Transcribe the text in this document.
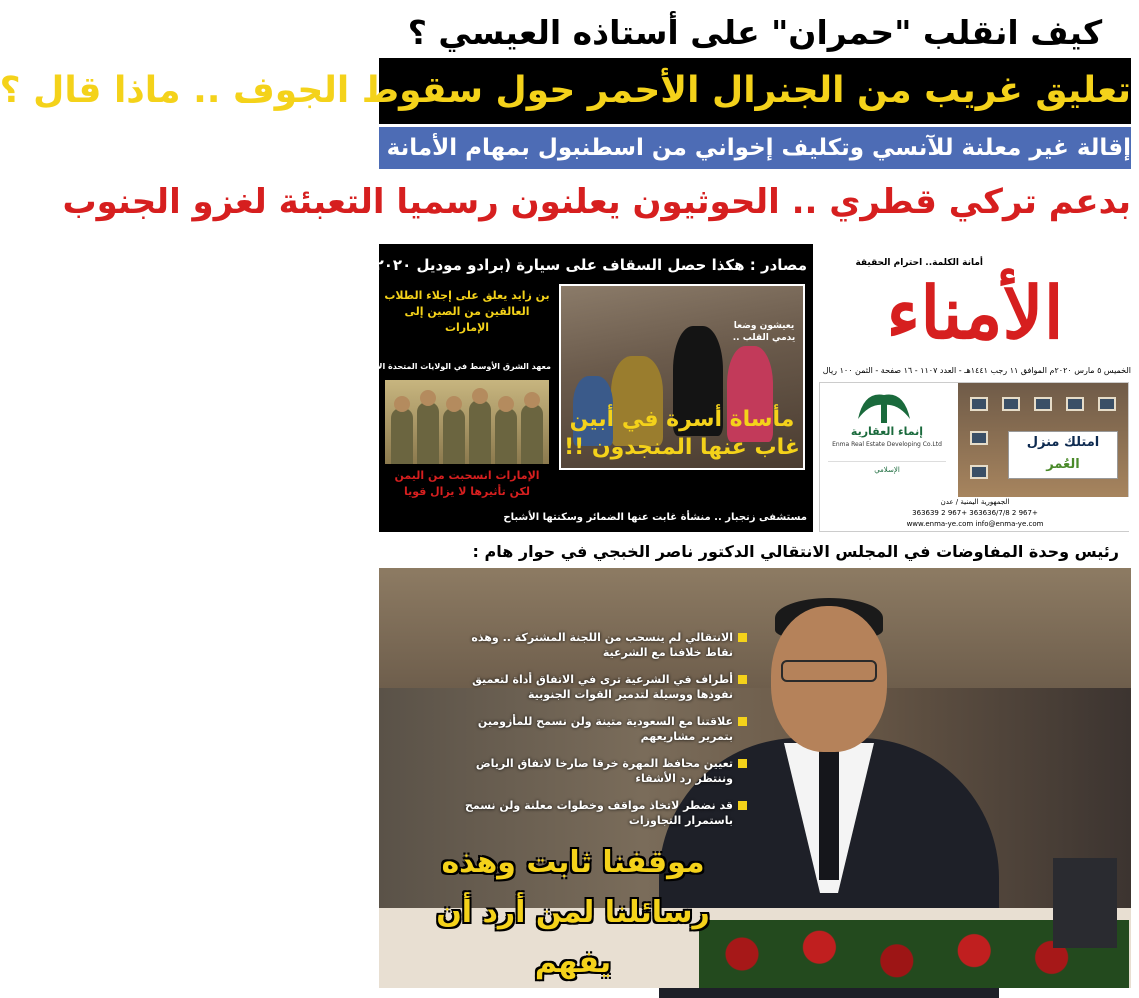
كيف انقلب "حمران" على أستاذه العيسي ؟
تعليق غريب من الجنرال الأحمر حول سقوط الجوف .. ماذا قال ؟
إقالة غير معلنة للآنسي وتكليف إخواني من اسطنبول بمهام الأمانة العامة
بدعم تركي قطري .. الحوثيون يعلنون رسميا التعبئة لغزو الجنوب
أمانة الكلمة.. احترام الحقيقة
الأمناء
الخميس ٥ مارس ٢٠٢٠م الموافق ١١ رجب ١٤٤١هـ - العدد ١١٠٧ - ١٦ صفحة - الثمن ١٠٠ ريال
امتلك منزل
العُمر
إنماء العقارية
Enma Real Estate Developing Co.Ltd
الإسلامي
الجمهورية اليمنية / عدن
+967 2 363636/7/8 +967 2 363639
www.enma-ye.com info@enma-ye.com
مصادر : هكذا حصل السقاف على سيارة (برادو موديل ٢٠٢٠) !
يعيشون وضعا يدمي القلب ..
مأساة أسرة في أبين غاب عنها المنجدون !!
مستشفى زنجبار .. منشأة غابت عنها الضمائر وسكنتها الأشباح
بن زايد يعلق على إجلاء الطلاب العالقين من الصين إلى الإمارات
معهد الشرق الأوسط في الولايات المتحدة الأمريكية:
الإمارات انسحبت من اليمن
لكن تأثيرها لا يزال قويا
رئيس وحدة المفاوضات في المجلس الانتقالي الدكتور ناصر الخبجي في حوار هام :
الانتقالي لم ينسحب من اللجنة المشتركة .. وهذه نقاط خلافنا مع الشرعية
أطراف في الشرعية ترى في الاتفاق أداة لتعميق نفوذها ووسيلة لتدمير القوات الجنوبية
علاقتنا مع السعودية متينة ولن نسمح للمأزومين بتمرير مشاريعهم
تعيين محافظ المهرة خرقا صارخا لاتفاق الرياض وننتظر رد الأشقاء
قد نضطر لاتخاذ مواقف وخطوات معلنة ولن نسمح باستمرار التجاوزات
موقفنا ثابت وهذه
رسائلنا لمن أرد أن يفهم
